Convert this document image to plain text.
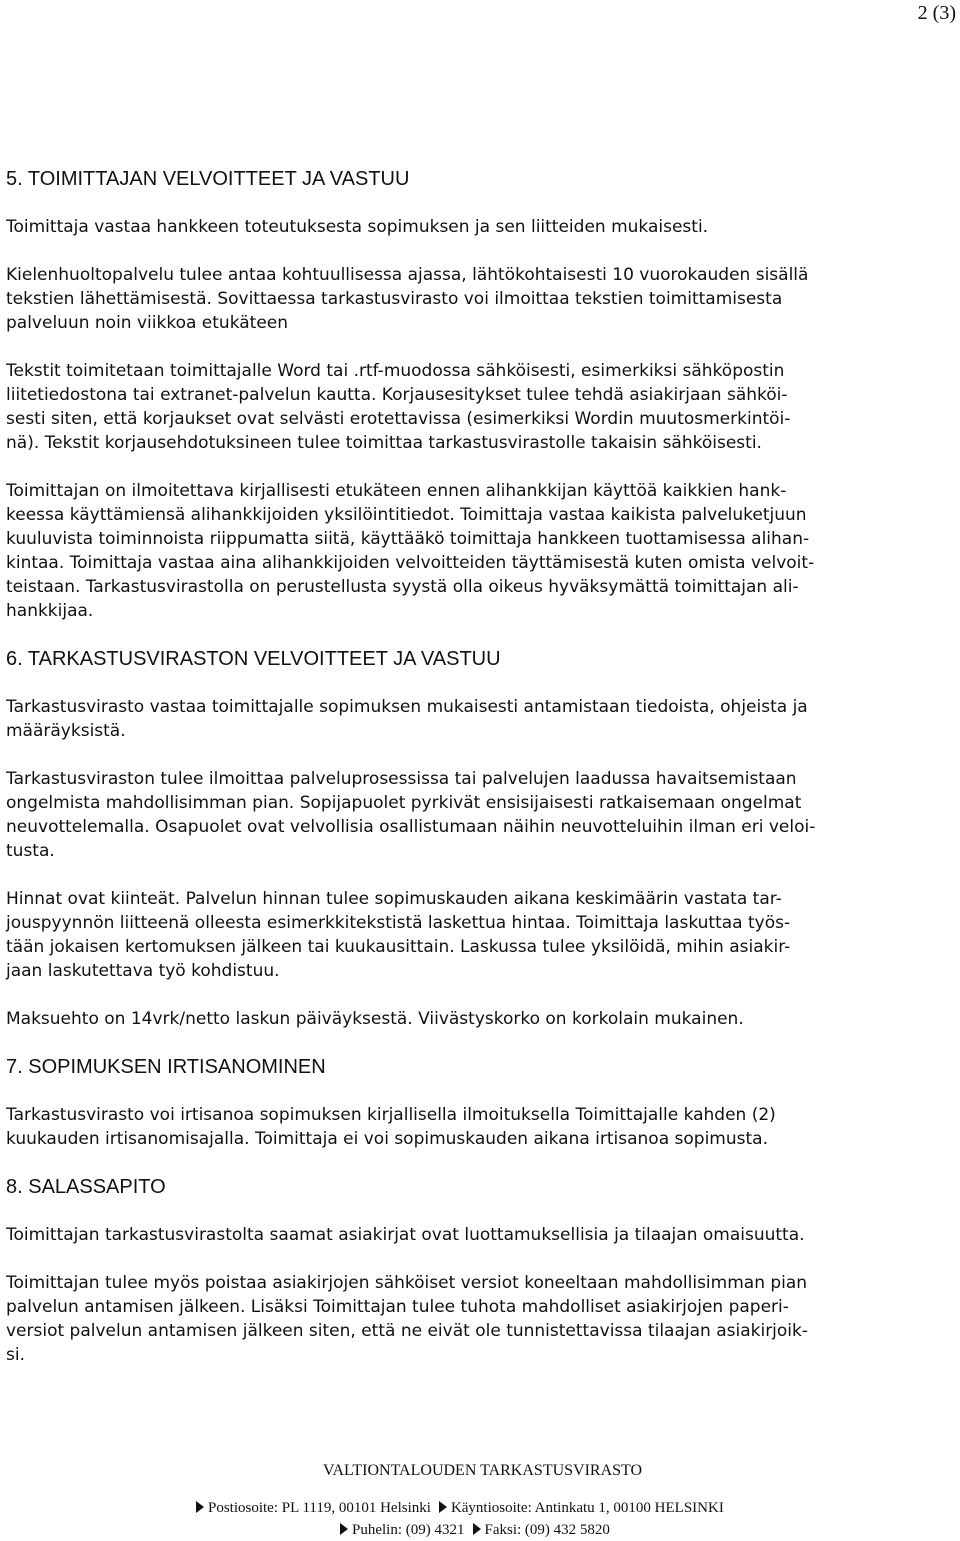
2 (3)
5. TOIMITTAJAN VELVOITTEET JA VASTUU
Toimittaja vastaa hankkeen toteutuksesta sopimuksen ja sen liitteiden mukaisesti.
Kielenhuoltopalvelu tulee antaa kohtuullisessa ajassa, lähtökohtaisesti 10 vuorokauden sisällä
tekstien lähettämisestä. Sovittaessa tarkastusvirasto voi ilmoittaa tekstien toimittamisesta
palveluun noin viikkoa etukäteen
Tekstit toimitetaan toimittajalle Word tai .rtf-muodossa sähköisesti, esimerkiksi sähköpostin
liitetiedostona tai extranet-palvelun kautta. Korjausesitykset tulee tehdä asiakirjaan sähköi-
sesti siten, että korjaukset ovat selvästi erotettavissa (esimerkiksi Wordin muutosmerkintöi-
nä). Tekstit korjausehdotuksineen tulee toimittaa tarkastusvirastolle takaisin sähköisesti.
Toimittajan on ilmoitettava kirjallisesti etukäteen ennen alihankkijan käyttöä kaikkien hank-
keessa käyttämiensä alihankkijoiden yksilöintitiedot. Toimittaja vastaa kaikista palveluketjuun
kuuluvista toiminnoista riippumatta siitä, käyttääkö toimittaja hankkeen tuottamisessa alihan-
kintaa. Toimittaja vastaa aina alihankkijoiden velvoitteiden täyttämisestä kuten omista velvoit-
teistaan. Tarkastusvirastolla on perustellusta syystä olla oikeus hyväksymättä toimittajan ali-
hankkijaa.
6. TARKASTUSVIRASTON VELVOITTEET JA VASTUU
Tarkastusvirasto vastaa toimittajalle sopimuksen mukaisesti antamistaan tiedoista, ohjeista ja
määräyksistä.
Tarkastusviraston tulee ilmoittaa palveluprosessissa tai palvelujen laadussa havaitsemistaan
ongelmista mahdollisimman pian. Sopijapuolet pyrkivät ensisijaisesti ratkaisemaan ongelmat
neuvottelemalla. Osapuolet ovat velvollisia osallistumaan näihin neuvotteluihin ilman eri veloi-
tusta.
Hinnat ovat kiinteät. Palvelun hinnan tulee sopimuskauden aikana keskimäärin vastata tar-
jouspyynnön liitteenä olleesta esimerkkitekstistä laskettua hintaa. Toimittaja laskuttaa työs-
tään jokaisen kertomuksen jälkeen tai kuukausittain. Laskussa tulee yksilöidä, mihin asiakir-
jaan laskutettava työ kohdistuu.
Maksuehto on 14vrk/netto laskun päiväyksestä. Viivästyskorko on korkolain mukainen.
7. SOPIMUKSEN IRTISANOMINEN
Tarkastusvirasto voi irtisanoa sopimuksen kirjallisella ilmoituksella Toimittajalle kahden (2)
kuukauden irtisanomisajalla. Toimittaja ei voi sopimuskauden aikana irtisanoa sopimusta.
8. SALASSAPITO
Toimittajan tarkastusvirastolta saamat asiakirjat ovat luottamuksellisia ja tilaajan omaisuutta.
Toimittajan tulee myös poistaa asiakirjojen sähköiset versiot koneeltaan mahdollisimman pian
palvelun antamisen jälkeen. Lisäksi Toimittajan tulee tuhota mahdolliset asiakirjojen paperi-
versiot palvelun antamisen jälkeen siten, että ne eivät ole tunnistettavissa tilaajan asiakirjoik-
si.
VALTIONTALOUDEN TARKASTUSVIRASTO
Postiosoite: PL 1119, 00101 Helsinki Käyntiosoite: Antinkatu 1, 00100 HELSINKI
Puhelin: (09) 4321 Faksi: (09) 432 5820
